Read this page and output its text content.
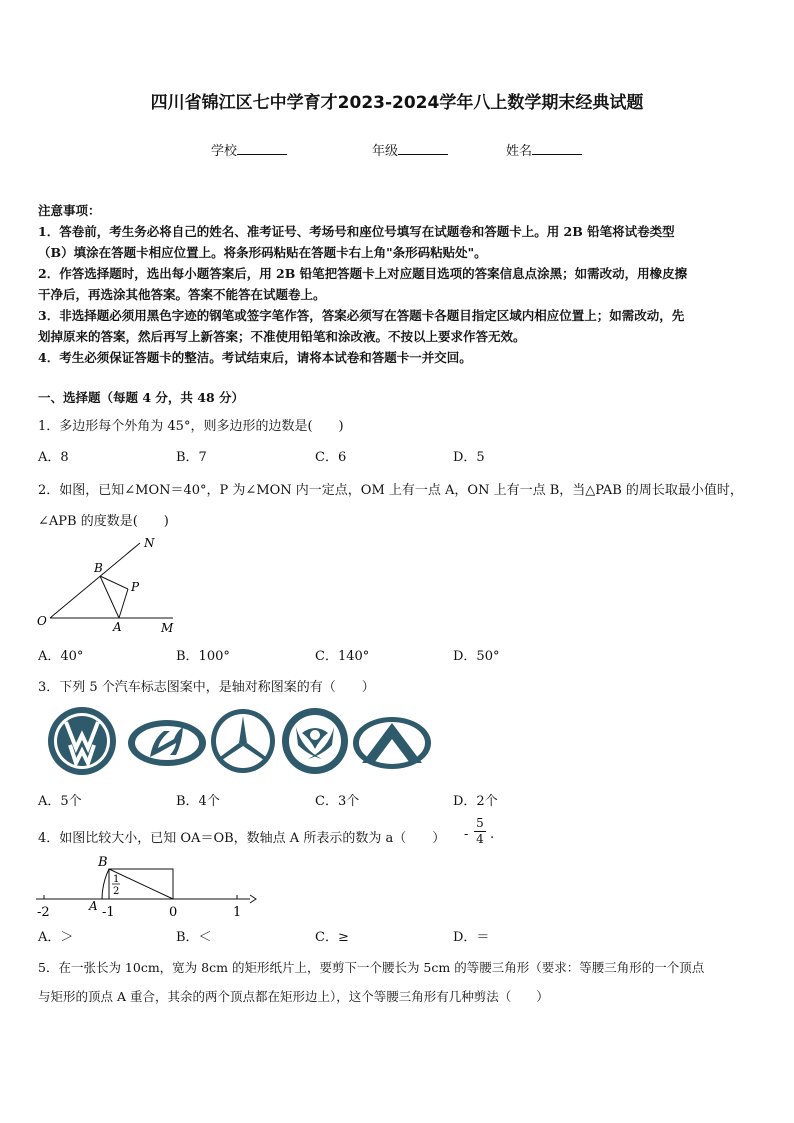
四川省锦江区七中学育才2023-2024学年八上数学期末经典试题
学校	年级	姓名
注意事项：
1．答卷前，考生务必将自己的姓名、准考证号、考场号和座位号填写在试题卷和答题卡上。用 2B 铅笔将试卷类型
（B）填涂在答题卡相应位置上。将条形码粘贴在答题卡右上角"条形码粘贴处"。
2．作答选择题时，选出每小题答案后，用 2B 铅笔把答题卡上对应题目选项的答案信息点涂黑；如需改动，用橡皮擦
干净后，再选涂其他答案。答案不能答在试题卷上。
3．非选择题必须用黑色字迹的钢笔或签字笔作答，答案必须写在答题卡各题目指定区域内相应位置上；如需改动，先
划掉原来的答案，然后再写上新答案；不准使用铅笔和涂改液。不按以上要求作答无效。
4．考生必须保证答题卡的整洁。考试结束后，请将本试卷和答题卡一并交回。
一、选择题（每题 4 分，共 48 分）
1．多边形每个外角为 45°，则多边形的边数是(　　)
A．8	B．7	C．6	D．5
2．如图，已知∠MON＝40°，P 为∠MON 内一定点，OM 上有一点 A，ON 上有一点 B，当△PAB 的周长取最小值时，
∠APB 的度数是(　　)
O	M
N
B
A
P
A．40°	B．100°	C．140°	D．50°
3．下列 5 个汽车标志图案中，是轴对称图案的有（　　）
A．5个	B．4个	C．3个	D．2个
4．如图比较大小，已知 OA＝OB，数轴点 A 所表示的数为 a（　　） - $\frac{5}{4}$ .
B
A
1
2
-2	-1	0	1
A．＞	B．＜	C．≥	D．＝
5．在一张长为 10cm，宽为 8cm 的矩形纸片上，要剪下一个腰长为 5cm 的等腰三角形（要求：等腰三角形的一个顶点
与矩形的顶点 A 重合，其余的两个顶点都在矩形边上），这个等腰三角形有几种剪法（　　）
